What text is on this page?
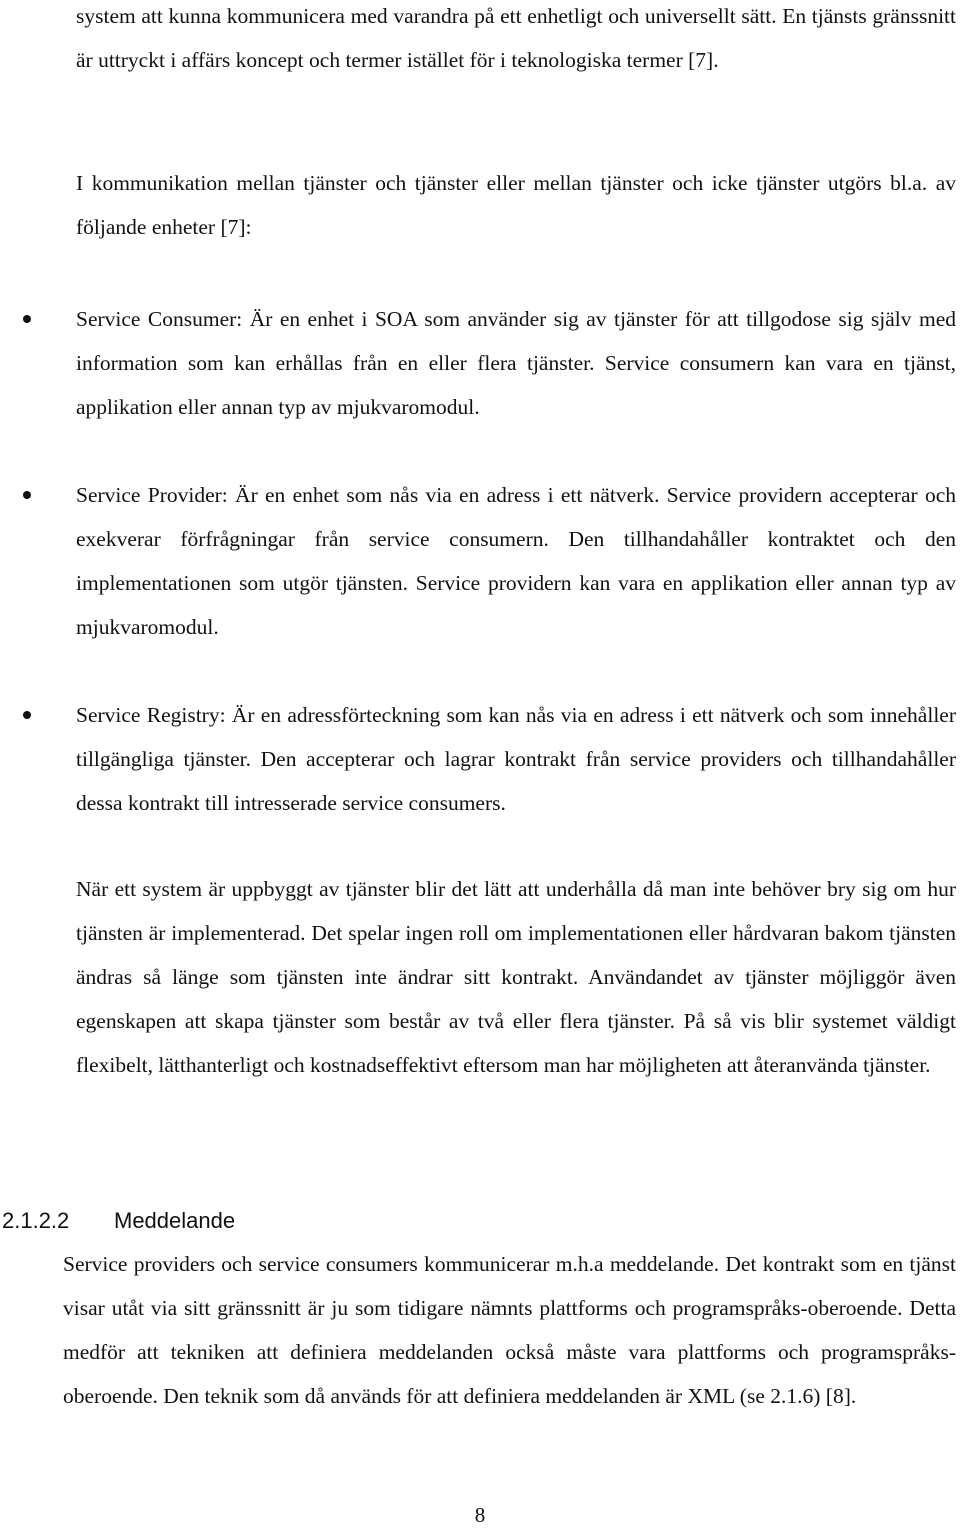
system att kunna kommunicera med varandra på ett enhetligt och universellt sätt. En tjänsts gränssnitt är uttryckt i affärs koncept och termer istället för i teknologiska termer [7].

I kommunikation mellan tjänster och tjänster eller mellan tjänster och icke tjänster utgörs bl.a. av följande enheter [7]:

Service Consumer: Är en enhet i SOA som använder sig av tjänster för att tillgodose sig själv med information som kan erhållas från en eller flera tjänster. Service consumern kan vara en tjänst, applikation eller annan typ av mjukvaromodul.

Service Provider: Är en enhet som nås via en adress i ett nätverk. Service providern accepterar och exekverar förfrågningar från service consumern. Den tillhandahåller kontraktet och den implementationen som utgör tjänsten. Service providern kan vara en applikation eller annan typ av mjukvaromodul.

Service Registry: Är en adressförteckning som kan nås via en adress i ett nätverk och som innehåller tillgängliga tjänster. Den accepterar och lagrar kontrakt från service providers och tillhandahåller dessa kontrakt till intresserade service consumers.

När ett system är uppbyggt av tjänster blir det lätt att underhålla då man inte behöver bry sig om hur tjänsten är implementerad. Det spelar ingen roll om implementationen eller hårdvaran bakom tjänsten ändras så länge som tjänsten inte ändrar sitt kontrakt. Användandet av tjänster möjliggör även egenskapen att skapa tjänster som består av två eller flera tjänster. På så vis blir systemet väldigt flexibelt, lätthanterligt och kostnadseffektivt eftersom man har möjligheten att återanvända tjänster.

2.1.2.2 Meddelande

Service providers och service consumers kommunicerar m.h.a meddelande. Det kontrakt som en tjänst visar utåt via sitt gränssnitt är ju som tidigare nämnts plattforms och programspråks-oberoende. Detta medför att tekniken att definiera meddelanden också måste vara plattforms och programspråks-oberoende. Den teknik som då används för att definiera meddelanden är XML (se 2.1.6) [8].

8
